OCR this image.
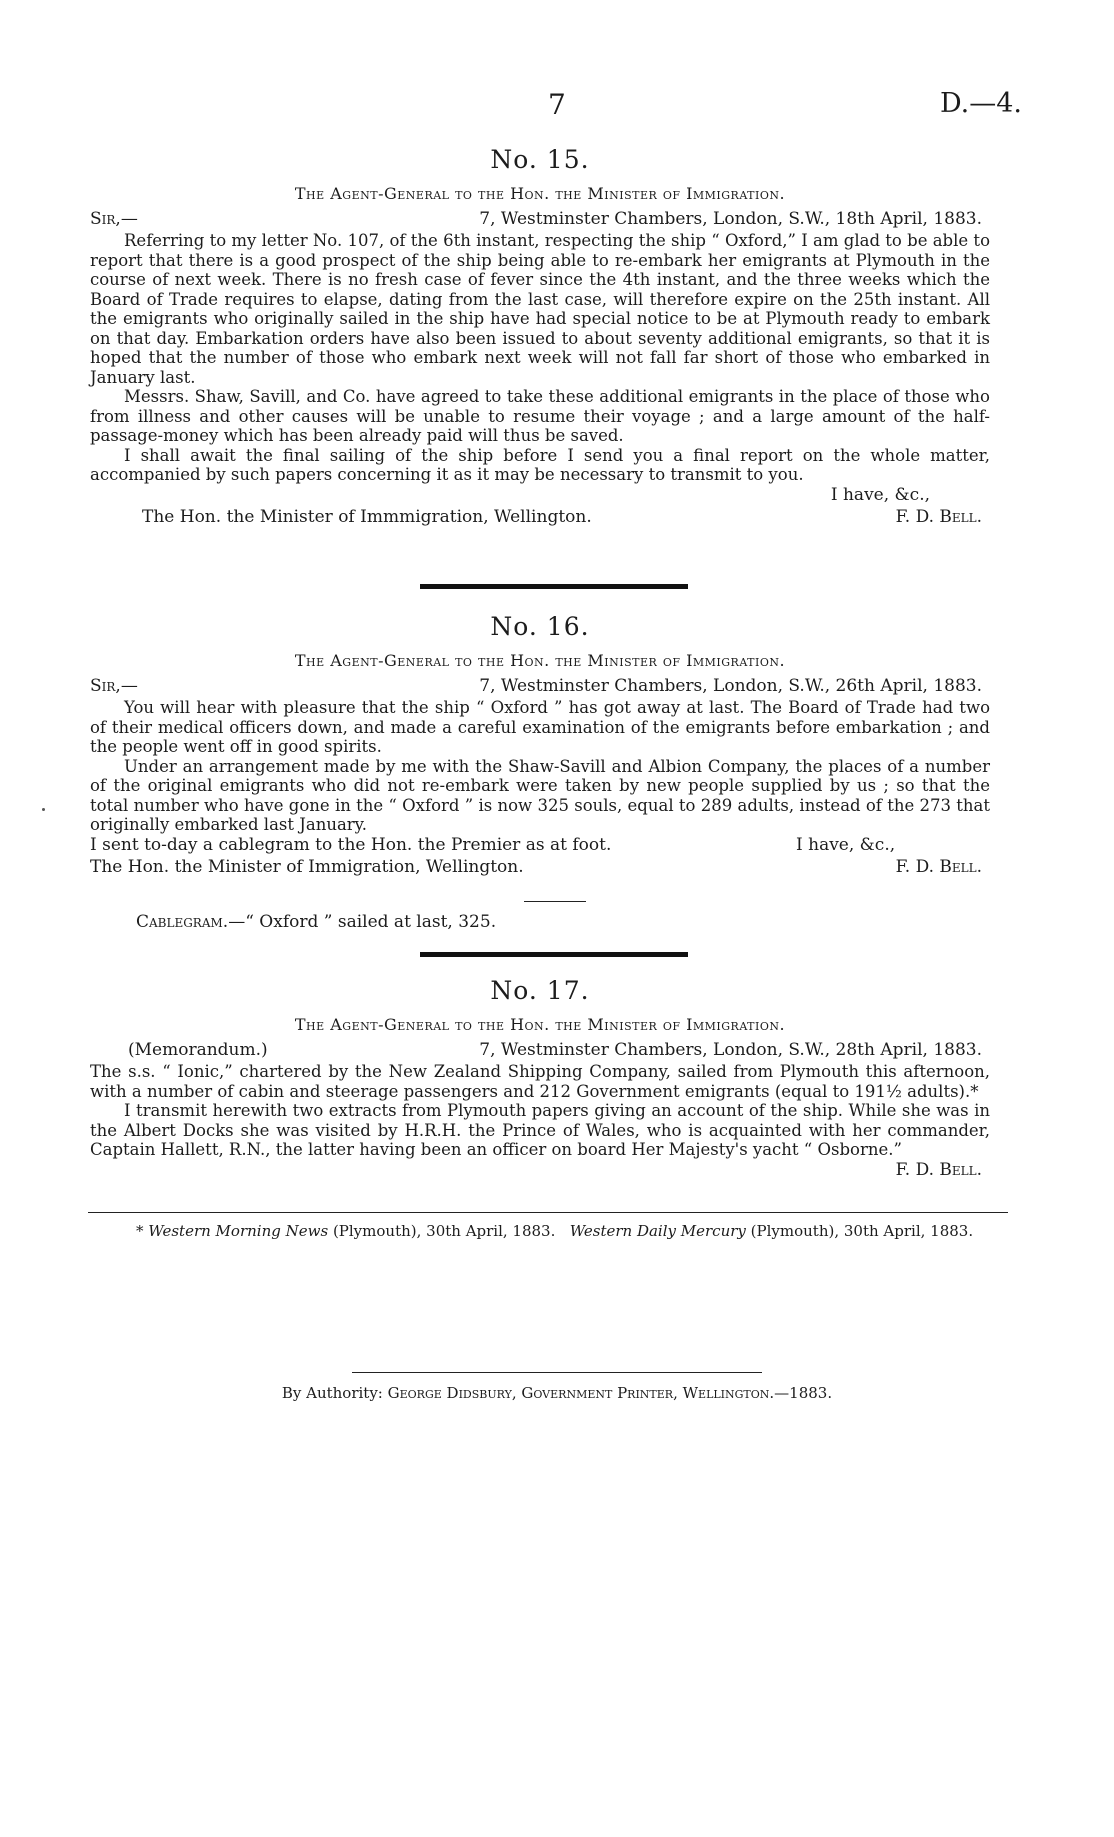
7	D.—4.
No. 15.
The Agent-General to the Hon. the Minister of Immigration.
Sir,—	7, Westminster Chambers, London, S.W., 18th April, 1883.

Referring to my letter No. 107, of the 6th instant, respecting the ship “ Oxford,” I am glad to be able to report that there is a good prospect of the ship being able to re-embark her emigrants at Plymouth in the course of next week. There is no fresh case of fever since the 4th instant, and the three weeks which the Board of Trade requires to elapse, dating from the last case, will therefore expire on the 25th instant. All the emigrants who originally sailed in the ship have had special notice to be at Plymouth ready to embark on that day. Embarkation orders have also been issued to about seventy additional emigrants, so that it is hoped that the number of those who embark next week will not fall far short of those who embarked in January last.

Messrs. Shaw, Savill, and Co. have agreed to take these additional emigrants in the place of those who from illness and other causes will be unable to resume their voyage ; and a large amount of the half-passage-money which has been already paid will thus be saved.

I shall await the final sailing of the ship before I send you a final report on the whole matter, accompanied by such papers concerning it as it may be necessary to transmit to you.

I have, &c.,
The Hon. the Minister of Immmigration, Wellington.	F. D. Bell.
No. 16.
The Agent-General to the Hon. the Minister of Immigration.
Sir,—	7, Westminster Chambers, London, S.W., 26th April, 1883.

You will hear with pleasure that the ship “ Oxford ” has got away at last. The Board of Trade had two of their medical officers down, and made a careful examination of the emigrants before embarkation ; and the people went off in good spirits.

Under an arrangement made by me with the Shaw-Savill and Albion Company, the places of a number of the original emigrants who did not re-embark were taken by new people supplied by us ; so that the total number who have gone in the “ Oxford ” is now 325 souls, equal to 289 adults, instead of the 273 that originally embarked last January.

I sent to-day a cablegram to the Hon. the Premier as at foot.	I have, &c.,
The Hon. the Minister of Immigration, Wellington.	F. D. Bell.
Cablegram.—“ Oxford ” sailed at last, 325.
No. 17.
The Agent-General to the Hon. the Minister of Immigration.
(Memorandum.)	7, Westminster Chambers, London, S.W., 28th April, 1883.

The s.s. “ Ionic,” chartered by the New Zealand Shipping Company, sailed from Plymouth this afternoon, with a number of cabin and steerage passengers and 212 Government emigrants (equal to 191½ adults).*

I transmit herewith two extracts from Plymouth papers giving an account of the ship. While she was in the Albert Docks she was visited by H.R.H. the Prince of Wales, who is acquainted with her commander, Captain Hallett, R.N., the latter having been an officer on board Her Majesty's yacht “ Osborne.”

F. D. Bell.
* Western Morning News (Plymouth), 30th April, 1883. Western Daily Mercury (Plymouth), 30th April, 1883.
By Authority: George Didsbury, Government Printer, Wellington.—1883.
